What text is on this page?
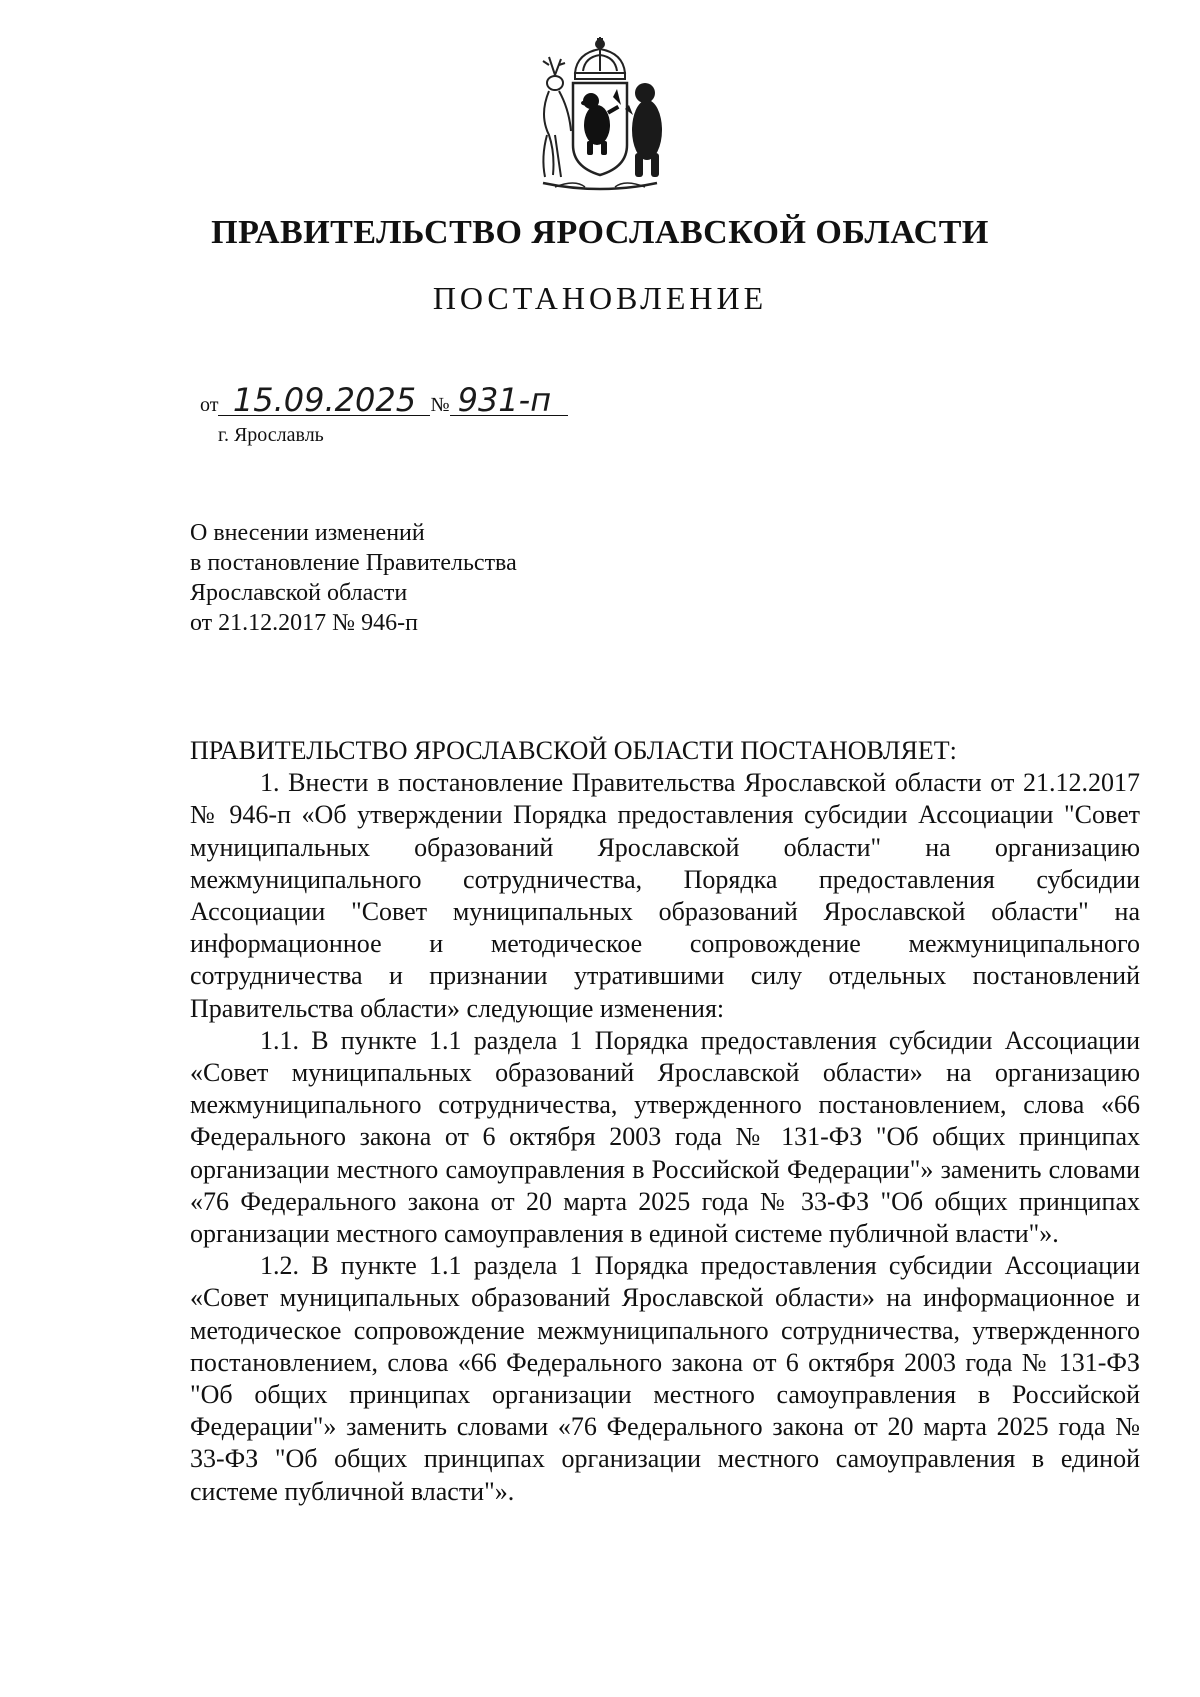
ПРАВИТЕЛЬСТВО ЯРОСЛАВСКОЙ ОБЛАСТИ
ПОСТАНОВЛЕНИЕ
от 15.09.2025 № 931-п
г. Ярославль
О внесении изменений
в постановление Правительства
Ярославской области
от 21.12.2017 № 946-п

ПРАВИТЕЛЬСТВО ЯРОСЛАВСКОЙ ОБЛАСТИ ПОСТАНОВЛЯЕТ:

1. Внести в постановление Правительства Ярославской области от 21.12.2017 № 946-п «Об утверждении Порядка предоставления субсидии Ассоциации "Совет муниципальных образований Ярославской области" на организацию межмуниципального сотрудничества, Порядка предоставления субсидии Ассоциации "Совет муниципальных образований Ярославской области" на информационное и методическое сопровождение межмуниципального сотрудничества и признании утратившими силу отдельных постановлений Правительства области» следующие изменения:

1.1. В пункте 1.1 раздела 1 Порядка предоставления субсидии Ассоциации «Совет муниципальных образований Ярославской области» на организацию межмуниципального сотрудничества, утвержденного постановлением, слова «66 Федерального закона от 6 октября 2003 года № 131-ФЗ "Об общих принципах организации местного самоуправления в Российской Федерации"» заменить словами «76 Федерального закона от 20 марта 2025 года № 33-ФЗ "Об общих принципах организации местного самоуправления в единой системе публичной власти"».

1.2. В пункте 1.1 раздела 1 Порядка предоставления субсидии Ассоциации «Совет муниципальных образований Ярославской области» на информационное и методическое сопровождение межмуниципального сотрудничества, утвержденного постановлением, слова «66 Федерального закона от 6 октября 2003 года № 131-ФЗ "Об общих принципах организации местного самоуправления в Российской Федерации"» заменить словами «76 Федерального закона от 20 марта 2025 года № 33-ФЗ "Об общих принципах организации местного самоуправления в единой системе публичной власти"».
